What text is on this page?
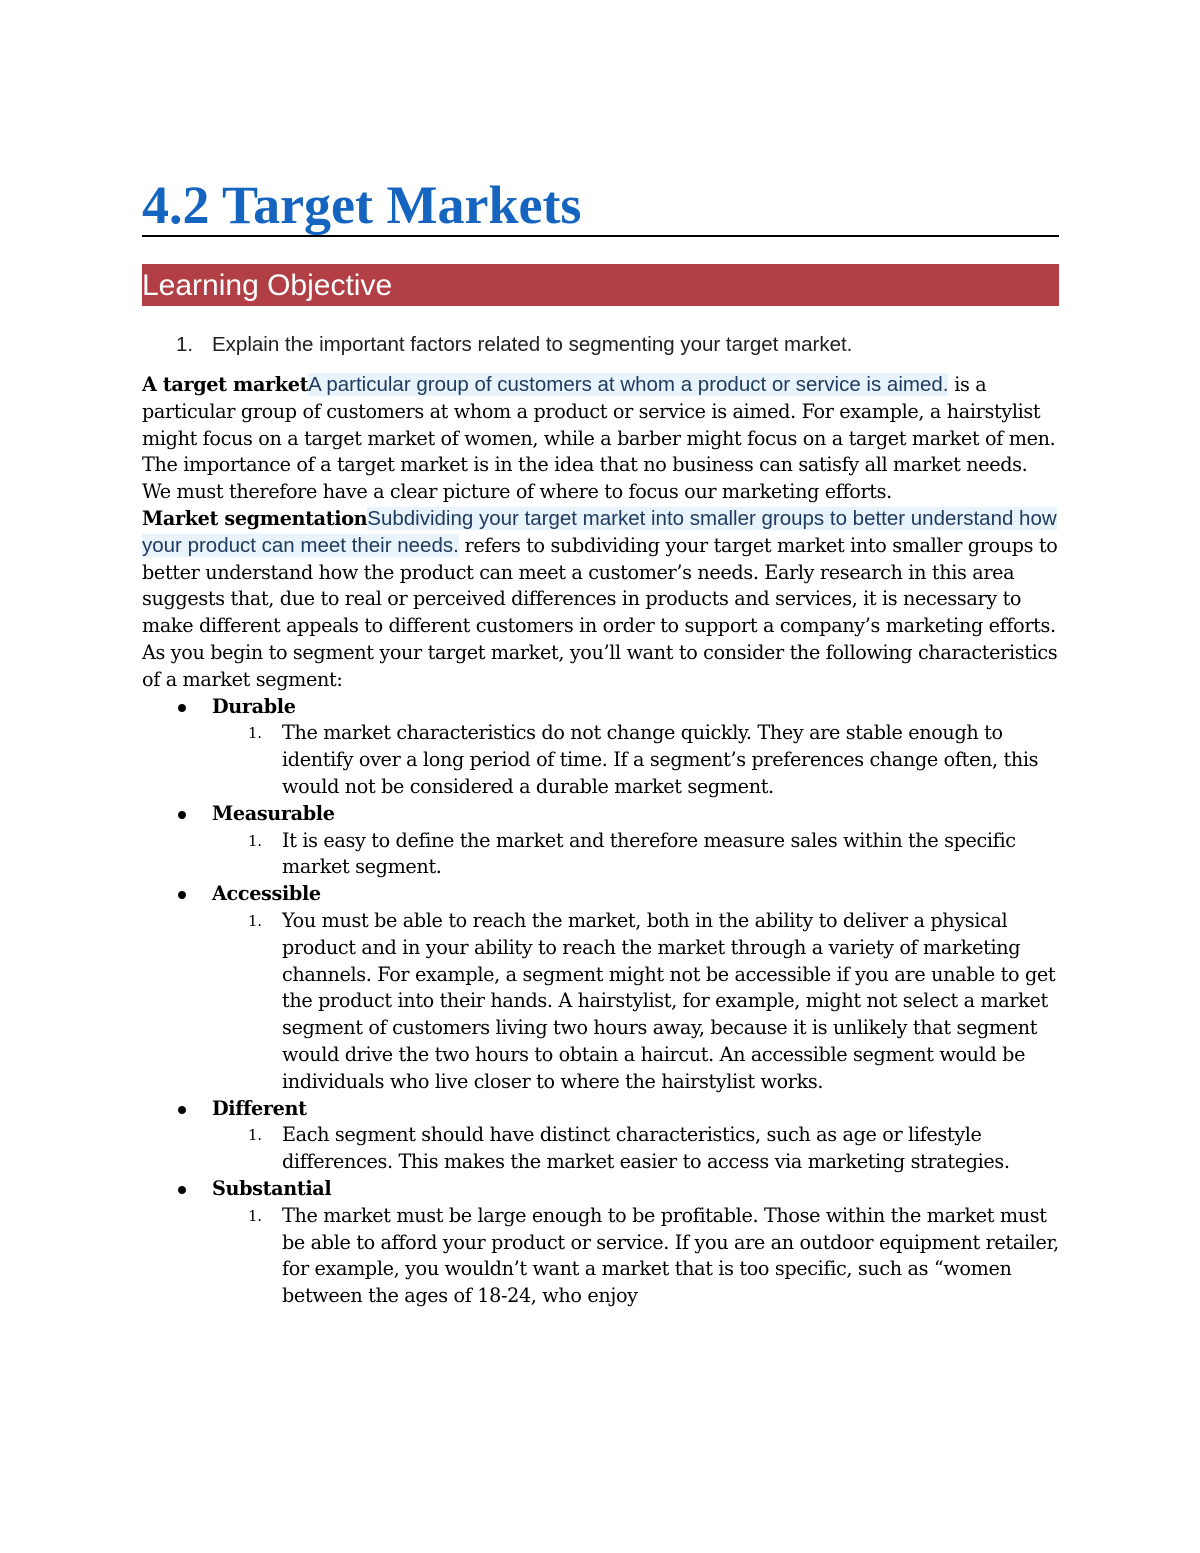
4.2 Target Markets
Learning Objective
1. Explain the important factors related to segmenting your target market.

A target marketA particular group of customers at whom a product or service is aimed. is a particular group of customers at whom a product or service is aimed. For example, a hairstylist might focus on a target market of women, while a barber might focus on a target market of men. The importance of a target market is in the idea that no business can satisfy all market needs. We must therefore have a clear picture of where to focus our marketing efforts.

Market segmentationSubdividing your target market into smaller groups to better understand how your product can meet their needs. refers to subdividing your target market into smaller groups to better understand how the product can meet a customer’s needs. Early research in this area suggests that, due to real or perceived differences in products and services, it is necessary to make different appeals to different customers in order to support a company’s marketing efforts. As you begin to segment your target market, you’ll want to consider the following characteristics of a market segment:

Durable
1. The market characteristics do not change quickly. They are stable enough to identify over a long period of time. If a segment’s preferences change often, this would not be considered a durable market segment.
Measurable
1. It is easy to define the market and therefore measure sales within the specific market segment.
Accessible
1. You must be able to reach the market, both in the ability to deliver a physical product and in your ability to reach the market through a variety of marketing channels. For example, a segment might not be accessible if you are unable to get the product into their hands. A hairstylist, for example, might not select a market segment of customers living two hours away, because it is unlikely that segment would drive the two hours to obtain a haircut. An accessible segment would be individuals who live closer to where the hairstylist works.
Different
1. Each segment should have distinct characteristics, such as age or lifestyle differences. This makes the market easier to access via marketing strategies.
Substantial
1. The market must be large enough to be profitable. Those within the market must be able to afford your product or service. If you are an outdoor equipment retailer, for example, you wouldn’t want a market that is too specific, such as “women between the ages of 18-24, who enjoy
